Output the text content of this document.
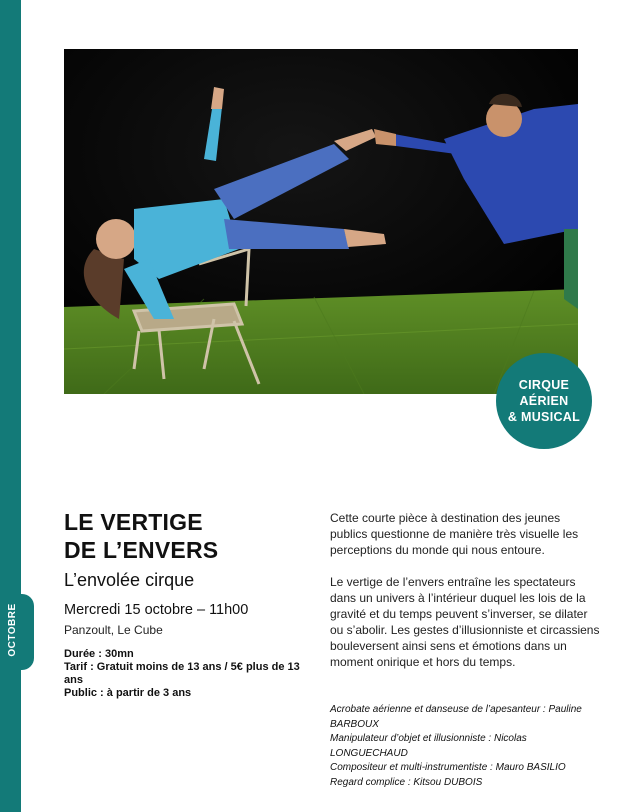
OCTOBRE
CIRQUE
AÉRIEN
& MUSICAL
LE VERTIGE
DE L’ENVERS
L’envolée cirque
Mercredi 15 octobre – 11h00
Panzoult, Le Cube
Durée : 30mn
Tarif : Gratuit moins de 13 ans / 5€ plus de 13 ans
Public : à partir de 3 ans

Cette courte pièce à destination des jeunes publics questionne de manière très visuelle les perceptions du monde qui nous entoure.

Le vertige de l’envers entraîne les spectateurs dans un univers à l’intérieur duquel les lois de la gravité et du temps peuvent s’inverser, se dilater ou s’abolir. Les gestes d’illusionniste et circassiens bouleversent ainsi sens et émotions dans un moment onirique et hors du temps.

Acrobate aérienne et danseuse de l’apesanteur : Pauline BARBOUX
Manipulateur d’objet et illusionniste : Nicolas LONGUECHAUD
Compositeur et multi-instrumentiste : Mauro BASILIO
Regard complice : Kitsou DUBOIS
